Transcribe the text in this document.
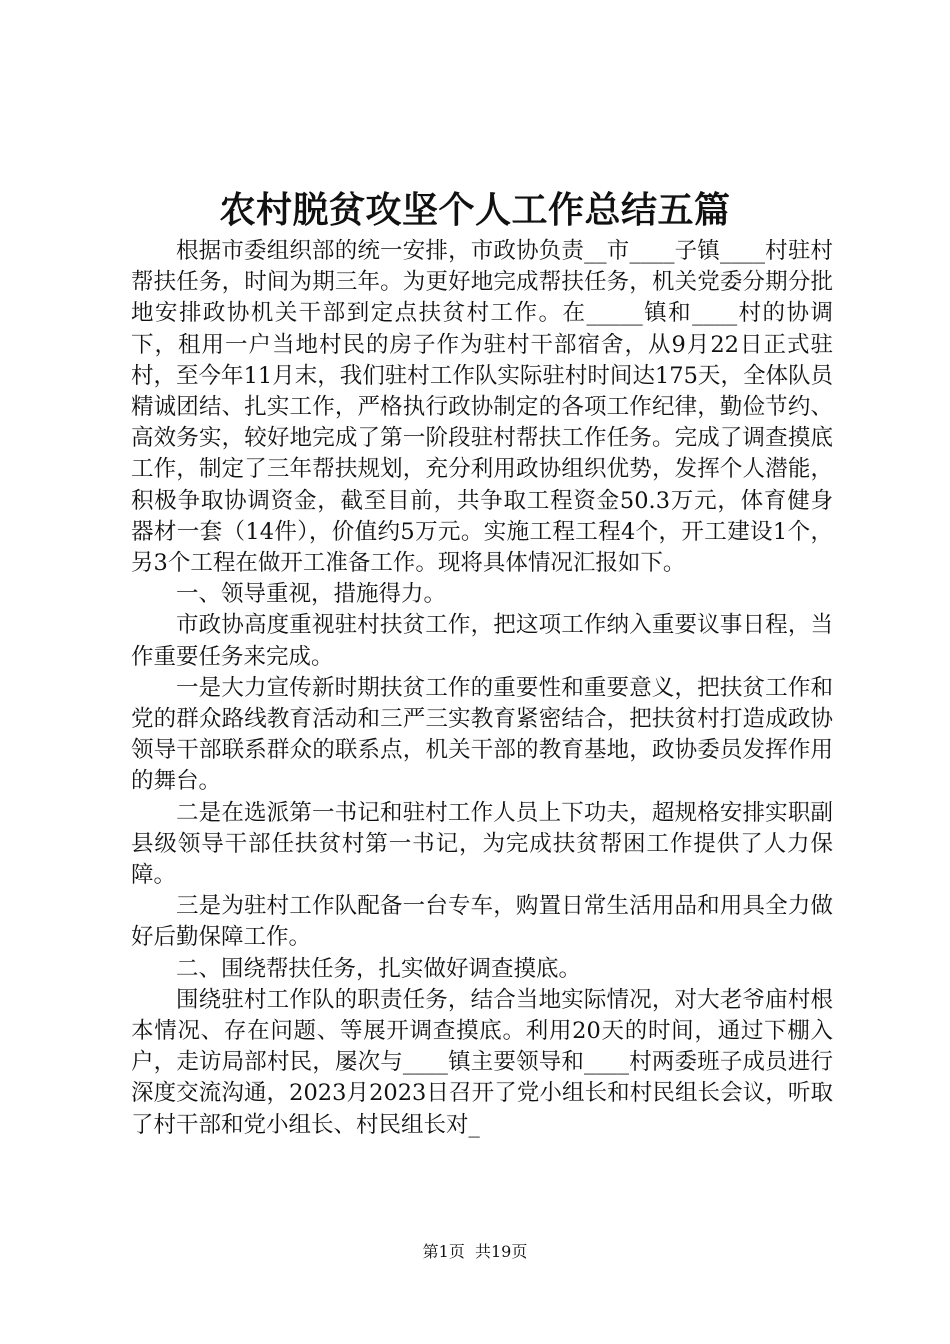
农村脱贫攻坚个人工作总结五篇

根据市委组织部的统一安排，市政协负责__市____子镇____村驻村帮扶任务，时间为期三年。为更好地完成帮扶任务，机关党委分期分批地安排政协机关干部到定点扶贫村工作。在_____镇和____村的协调下，租用一户当地村民的房子作为驻村干部宿舍，从9月22日正式驻村，至今年11月末，我们驻村工作队实际驻村时间达175天，全体队员精诚团结、扎实工作，严格执行政协制定的各项工作纪律，勤俭节约、高效务实，较好地完成了第一阶段驻村帮扶工作任务。完成了调查摸底工作，制定了三年帮扶规划，充分利用政协组织优势，发挥个人潜能，积极争取协调资金，截至目前，共争取工程资金50.3万元，体育健身器材一套（14件），价值约5万元。实施工程工程4个，开工建设1个，另3个工程在做开工准备工作。现将具体情况汇报如下。

一、领导重视，措施得力。

市政协高度重视驻村扶贫工作，把这项工作纳入重要议事日程，当作重要任务来完成。

一是大力宣传新时期扶贫工作的重要性和重要意义，把扶贫工作和党的群众路线教育活动和三严三实教育紧密结合，把扶贫村打造成政协领导干部联系群众的联系点，机关干部的教育基地，政协委员发挥作用的舞台。

二是在选派第一书记和驻村工作人员上下功夫，超规格安排实职副县级领导干部任扶贫村第一书记，为完成扶贫帮困工作提供了人力保障。

三是为驻村工作队配备一台专车，购置日常生活用品和用具全力做好后勤保障工作。

二、围绕帮扶任务，扎实做好调查摸底。

围绕驻村工作队的职责任务，结合当地实际情况，对大老爷庙村根本情况、存在问题、等展开调查摸底。利用20天的时间，通过下棚入户，走访局部村民，屡次与____镇主要领导和____村两委班子成员进行深度交流沟通，2023月2023日召开了党小组长和村民组长会议，听取了村干部和党小组长、村民组长对_

第1页  共19页
